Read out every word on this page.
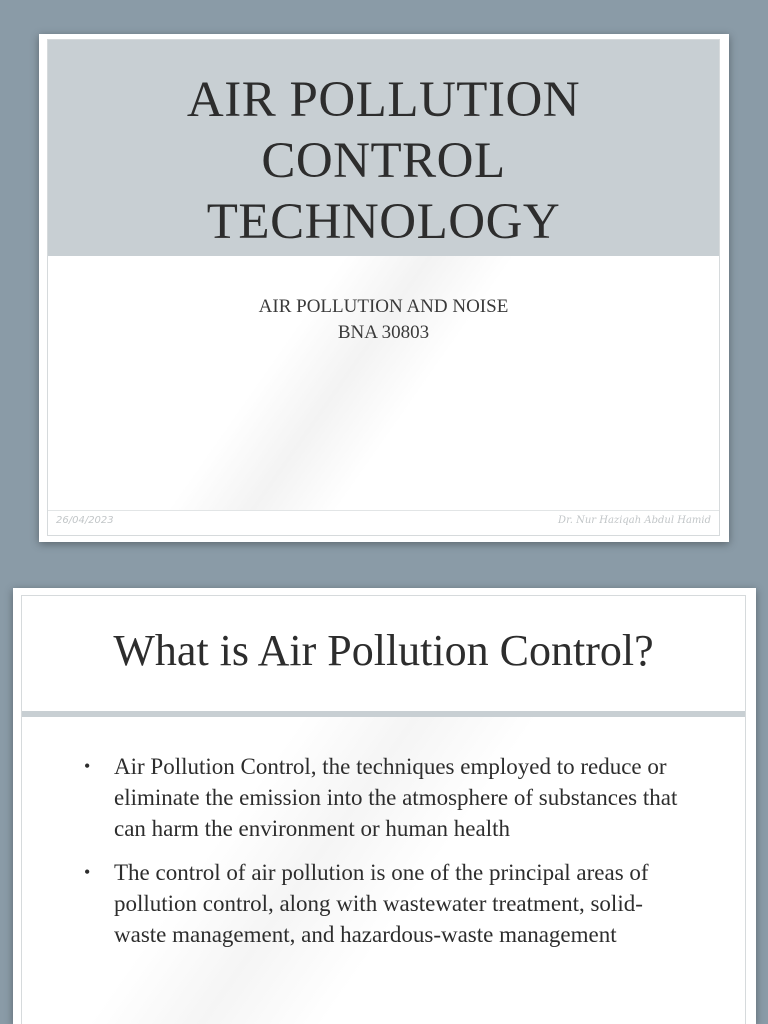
AIR POLLUTION
CONTROL
TECHNOLOGY
AIR POLLUTION AND NOISE
BNA 30803
26/04/2023	Dr. Nur Haziqah Abdul Hamid
What is Air Pollution Control?
• Air Pollution Control, the techniques employed to reduce or eliminate the emission into the atmosphere of substances that can harm the environment or human health
• The control of air pollution is one of the principal areas of pollution control, along with wastewater treatment, solid-waste management, and hazardous-waste management
